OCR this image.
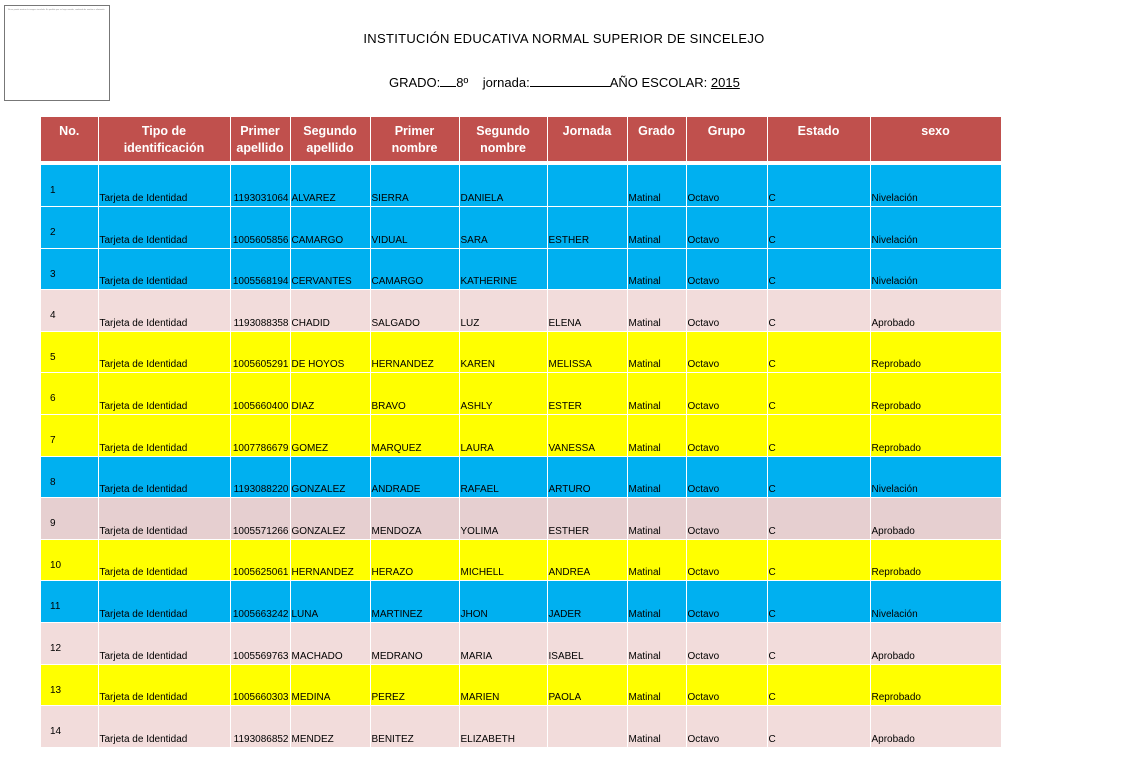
No se puede mostrar la imagen vinculada. Es posible que se haya movido, cambiado de nombre o eliminado.
INSTITUCIÓN EDUCATIVA NORMAL SUPERIOR DE SINCELEJO
GRADO: 8º jornada:	AÑO ESCOLAR: 2015
No.	Tipo de identificación	Primer apellido	Segundo apellido	Primer nombre	Segundo nombre	Jornada	Grado	Grupo	Estado	sexo

1	Tarjeta de Identidad	1193031064	ALVAREZ	SIERRA	DANIELA		Matinal	Octavo	C	Nivelación
2	Tarjeta de Identidad	1005605856	CAMARGO	VIDUAL	SARA	ESTHER	Matinal	Octavo	C	Nivelación
3	Tarjeta de Identidad	1005568194	CERVANTES	CAMARGO	KATHERINE		Matinal	Octavo	C	Nivelación
4	Tarjeta de Identidad	1193088358	CHADID	SALGADO	LUZ	ELENA	Matinal	Octavo	C	Aprobado
5	Tarjeta de Identidad	1005605291	DE HOYOS	HERNANDEZ	KAREN	MELISSA	Matinal	Octavo	C	Reprobado
6	Tarjeta de Identidad	1005660400	DIAZ	BRAVO	ASHLY	ESTER	Matinal	Octavo	C	Reprobado
7	Tarjeta de Identidad	1007786679	GOMEZ	MARQUEZ	LAURA	VANESSA	Matinal	Octavo	C	Reprobado
8	Tarjeta de Identidad	1193088220	GONZALEZ	ANDRADE	RAFAEL	ARTURO	Matinal	Octavo	C	Nivelación
9	Tarjeta de Identidad	1005571266	GONZALEZ	MENDOZA	YOLIMA	ESTHER	Matinal	Octavo	C	Aprobado
10	Tarjeta de Identidad	1005625061	HERNANDEZ	HERAZO	MICHELL	ANDREA	Matinal	Octavo	C	Reprobado
11	Tarjeta de Identidad	1005663242	LUNA	MARTINEZ	JHON	JADER	Matinal	Octavo	C	Nivelación
12	Tarjeta de Identidad	1005569763	MACHADO	MEDRANO	MARIA	ISABEL	Matinal	Octavo	C	Aprobado
13	Tarjeta de Identidad	1005660303	MEDINA	PEREZ	MARIEN	PAOLA	Matinal	Octavo	C	Reprobado
14	Tarjeta de Identidad	1193086852	MENDEZ	BENITEZ	ELIZABETH		Matinal	Octavo	C	Aprobado
